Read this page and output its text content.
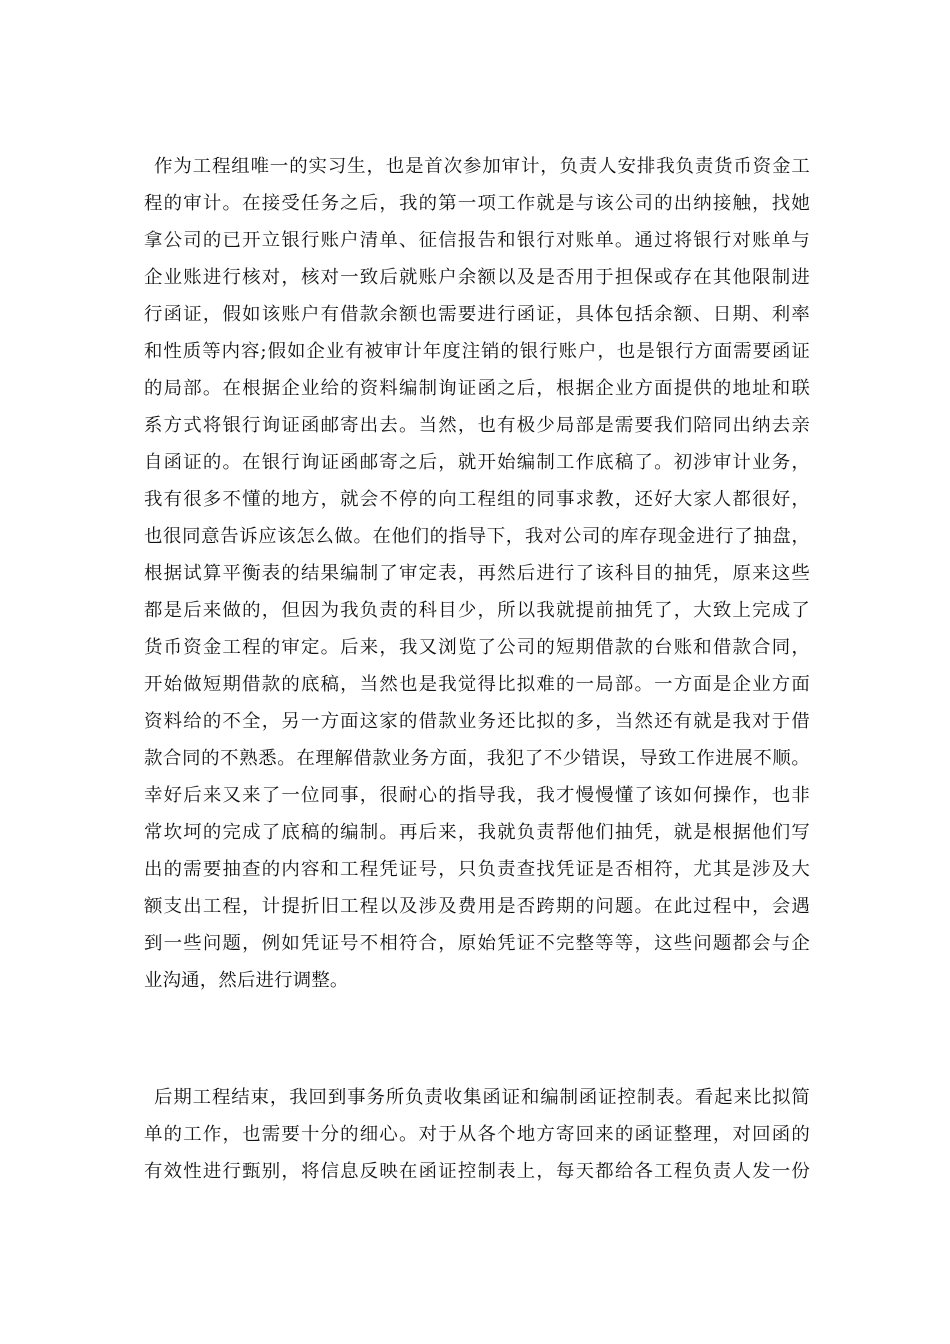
作为工程组唯一的实习生，也是首次参加审计，负责人安排我负责货币资金工
程的审计。在接受任务之后，我的第一项工作就是与该公司的出纳接触，找她
拿公司的已开立银行账户清单、征信报告和银行对账单。通过将银行对账单与
企业账进行核对，核对一致后就账户余额以及是否用于担保或存在其他限制进
行函证，假如该账户有借款余额也需要进行函证，具体包括余额、日期、利率
和性质等内容;假如企业有被审计年度注销的银行账户，也是银行方面需要函证
的局部。在根据企业给的资料编制询证函之后，根据企业方面提供的地址和联
系方式将银行询证函邮寄出去。当然，也有极少局部是需要我们陪同出纳去亲
自函证的。在银行询证函邮寄之后，就开始编制工作底稿了。初涉审计业务，
我有很多不懂的地方，就会不停的向工程组的同事求教，还好大家人都很好，
也很同意告诉应该怎么做。在他们的指导下，我对公司的库存现金进行了抽盘，
根据试算平衡表的结果编制了审定表，再然后进行了该科目的抽凭，原来这些
都是后来做的，但因为我负责的科目少，所以我就提前抽凭了，大致上完成了
货币资金工程的审定。后来，我又浏览了公司的短期借款的台账和借款合同，
开始做短期借款的底稿，当然也是我觉得比拟难的一局部。一方面是企业方面
资料给的不全，另一方面这家的借款业务还比拟的多，当然还有就是我对于借
款合同的不熟悉。在理解借款业务方面，我犯了不少错误，导致工作进展不顺。
幸好后来又来了一位同事，很耐心的指导我，我才慢慢懂了该如何操作，也非
常坎坷的完成了底稿的编制。再后来，我就负责帮他们抽凭，就是根据他们写
出的需要抽查的内容和工程凭证号，只负责查找凭证是否相符，尤其是涉及大
额支出工程，计提折旧工程以及涉及费用是否跨期的问题。在此过程中，会遇
到一些问题，例如凭证号不相符合，原始凭证不完整等等，这些问题都会与企
业沟通，然后进行调整。
后期工程结束，我回到事务所负责收集函证和编制函证控制表。看起来比拟简
单的工作，也需要十分的细心。对于从各个地方寄回来的函证整理，对回函的
有效性进行甄别，将信息反映在函证控制表上，每天都给各工程负责人发一份
